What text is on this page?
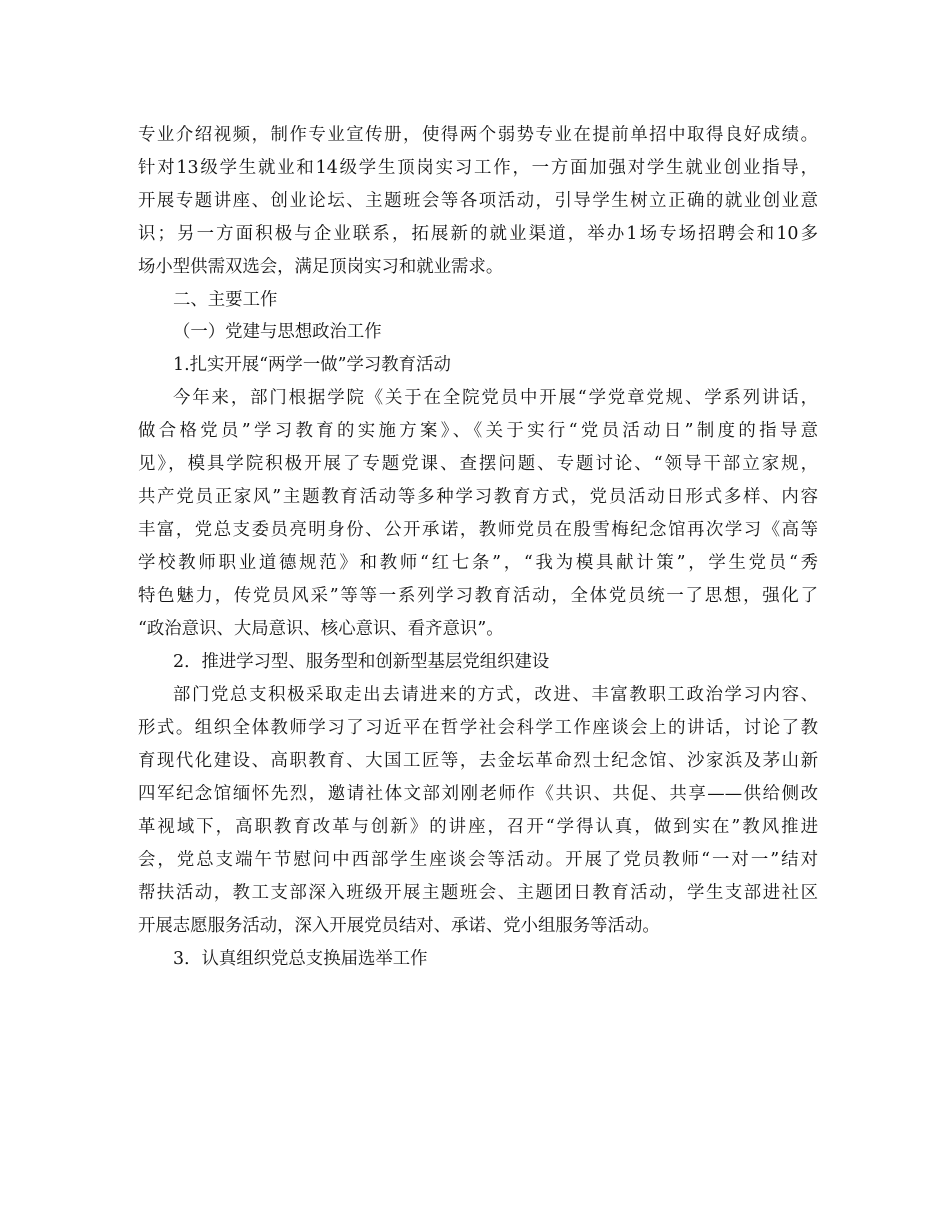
专业介绍视频，制作专业宣传册，使得两个弱势专业在提前单招中取得良好成绩。
针对13级学生就业和14级学生顶岗实习工作，一方面加强对学生就业创业指导，
开展专题讲座、创业论坛、主题班会等各项活动，引导学生树立正确的就业创业意
识；另一方面积极与企业联系，拓展新的就业渠道，举办1场专场招聘会和10多
场小型供需双选会，满足顶岗实习和就业需求。
二、主要工作
（一）党建与思想政治工作
1.扎实开展“两学一做”学习教育活动
今年来，部门根据学院《关于在全院党员中开展“学党章党规、学系列讲话，
做合格党员”学习教育的实施方案》、《关于实行“党员活动日”制度的指导意
见》，模具学院积极开展了专题党课、查摆问题、专题讨论、“领导干部立家规，
共产党员正家风”主题教育活动等多种学习教育方式，党员活动日形式多样、内容
丰富，党总支委员亮明身份、公开承诺，教师党员在殷雪梅纪念馆再次学习《高等
学校教师职业道德规范》和教师“红七条”，“我为模具献计策”，学生党员“秀
特色魅力，传党员风采”等等一系列学习教育活动，全体党员统一了思想，强化了
“政治意识、大局意识、核心意识、看齐意识”。
2．推进学习型、服务型和创新型基层党组织建设
部门党总支积极采取走出去请进来的方式，改进、丰富教职工政治学习内容、
形式。组织全体教师学习了习近平在哲学社会科学工作座谈会上的讲话，讨论了教
育现代化建设、高职教育、大国工匠等，去金坛革命烈士纪念馆、沙家浜及茅山新
四军纪念馆缅怀先烈，邀请社体文部刘刚老师作《共识、共促、共享——供给侧改
革视域下，高职教育改革与创新》的讲座，召开“学得认真，做到实在”教风推进
会，党总支端午节慰问中西部学生座谈会等活动。开展了党员教师“一对一”结对
帮扶活动，教工支部深入班级开展主题班会、主题团日教育活动，学生支部进社区
开展志愿服务活动，深入开展党员结对、承诺、党小组服务等活动。
3．认真组织党总支换届选举工作
